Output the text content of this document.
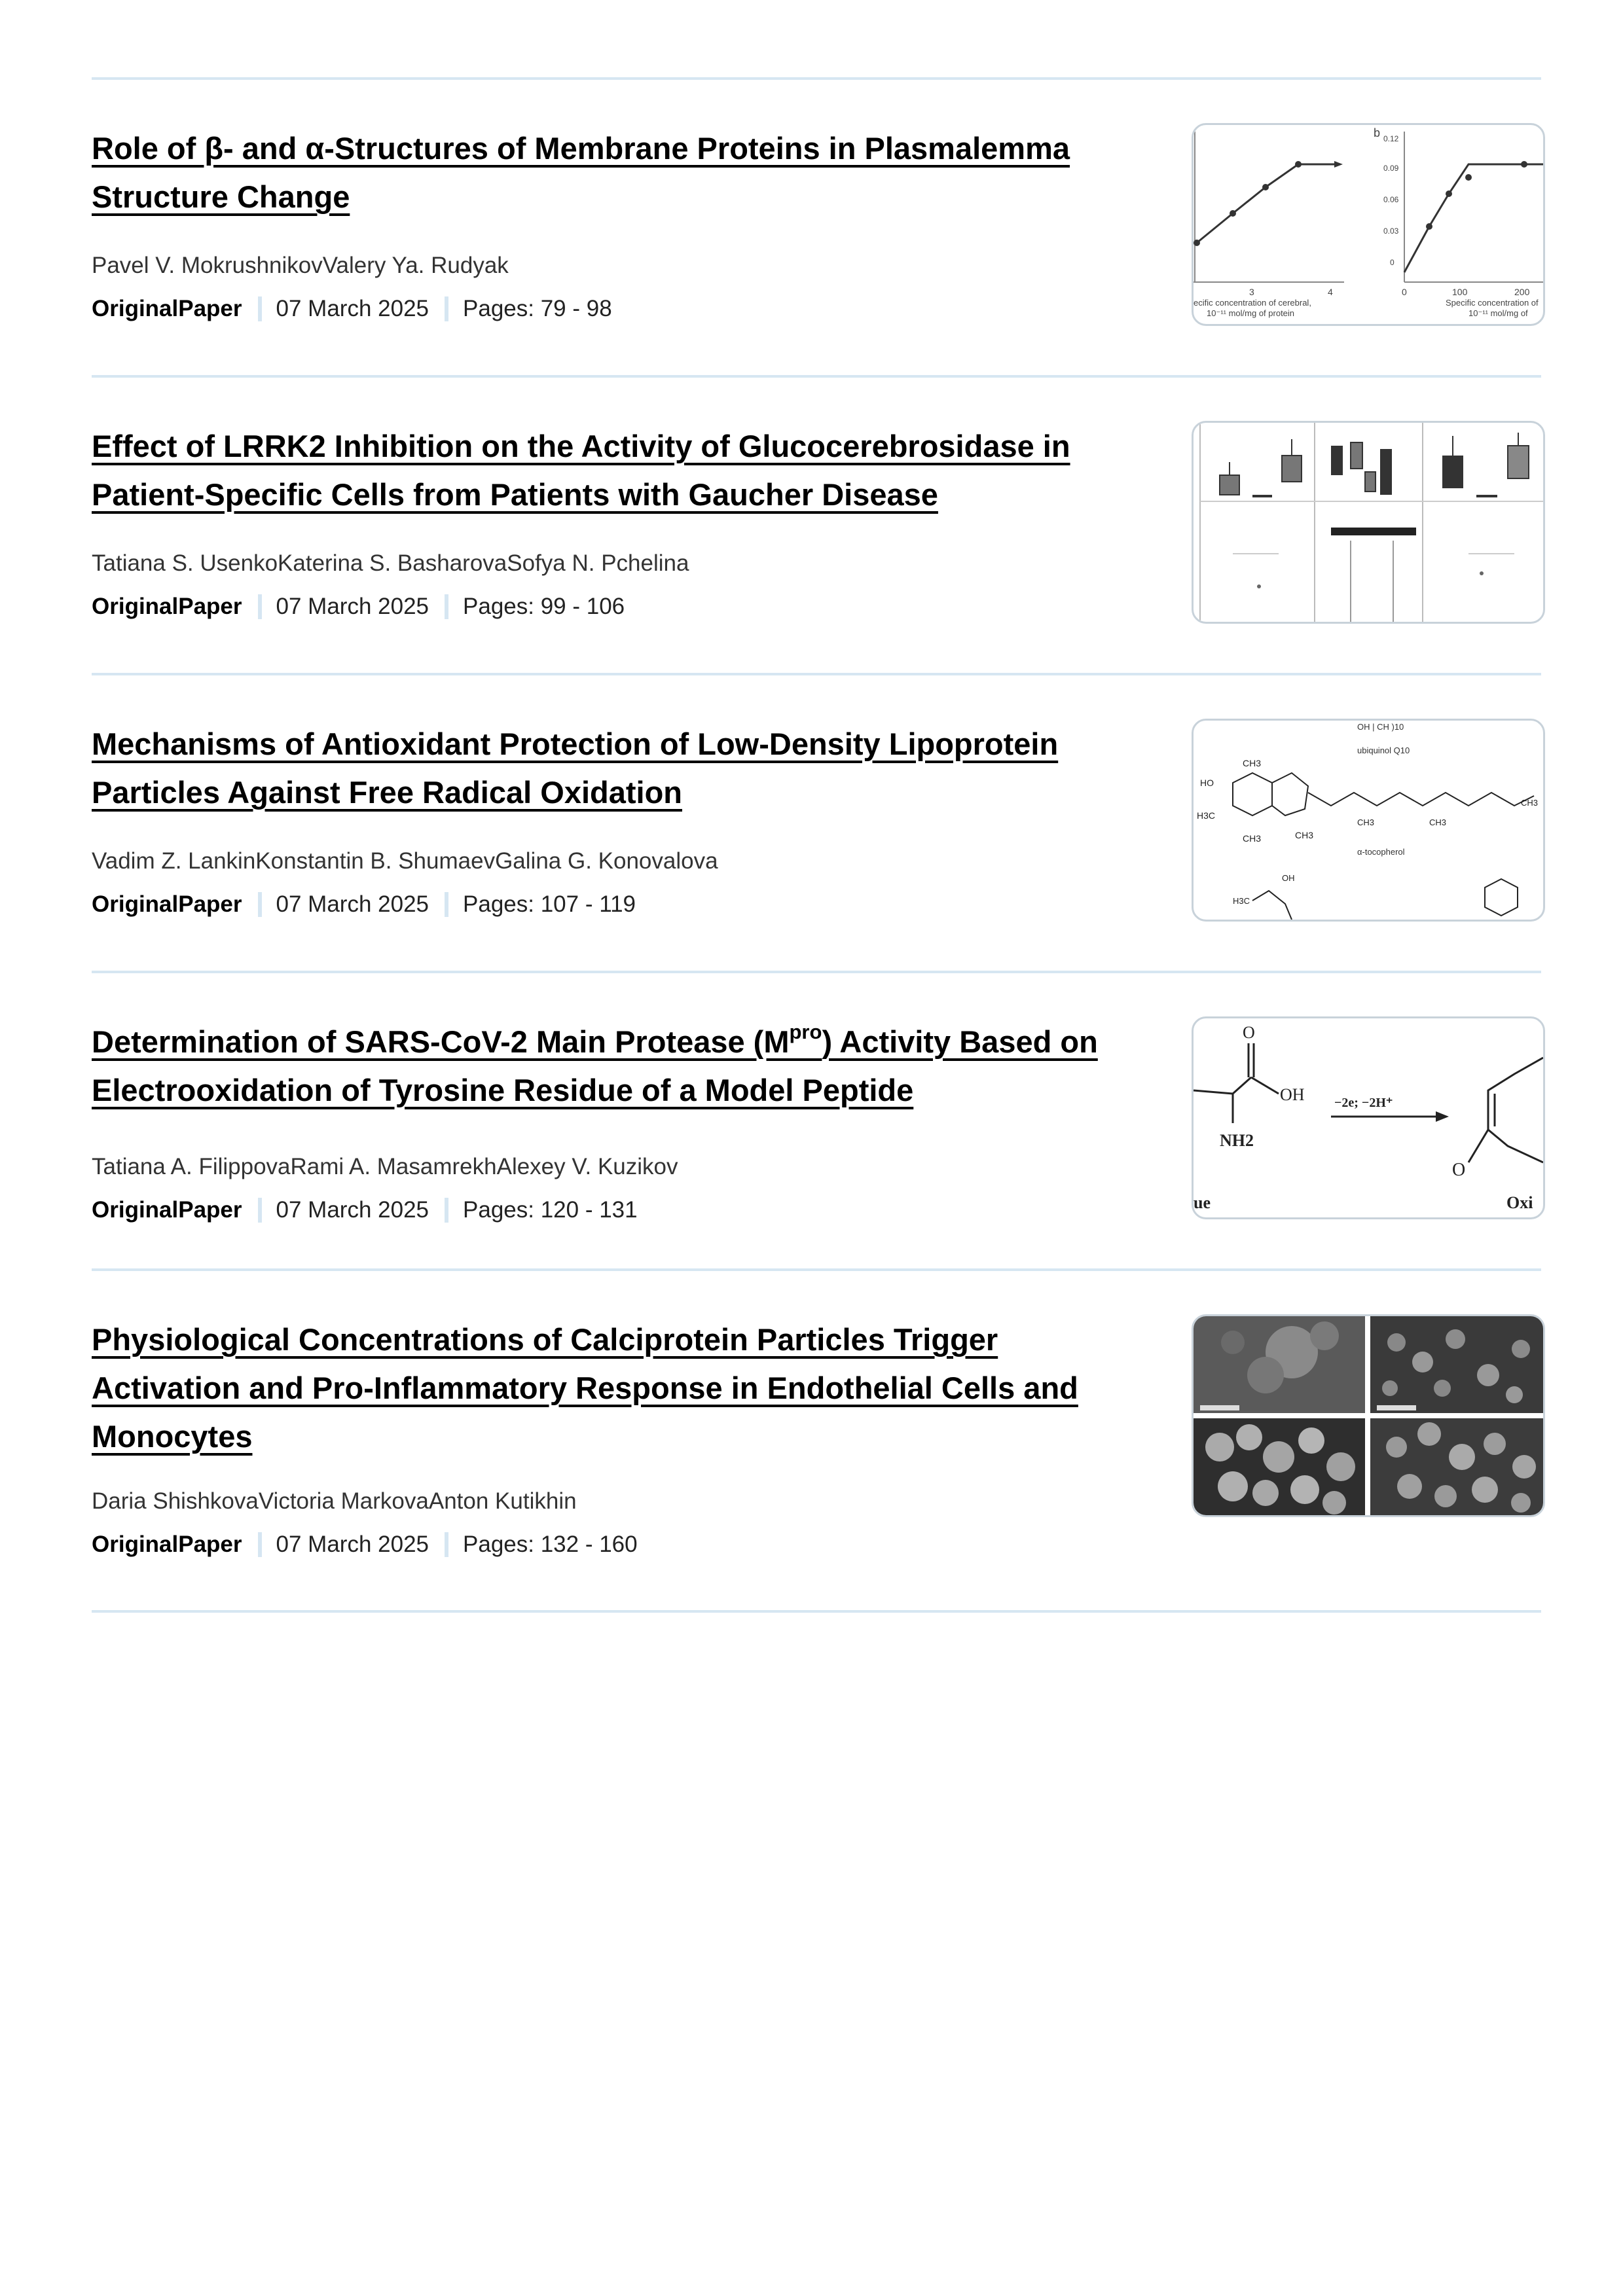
Role of β- and α-Structures of Membrane Proteins in Plasmalemma Structure Change
Pavel V. MokrushnikovValery Ya. Rudyak
OriginalPaper 07 March 2025 Pages: 79 - 98
3	4
ecific concentration of cerebral,
10⁻¹¹ mol/mg of protein
b 0.12
0.09
0.06
0.03
0
0	100	200
Specific concentration of
10⁻¹¹ mol/mg of
Effect of LRRK2 Inhibition on the Activity of Glucocerebrosidase in Patient-Specific Cells from Patients with Gaucher Disease
Tatiana S. UsenkoKaterina S. BasharovaSofya N. Pchelina
OriginalPaper 07 March 2025 Pages: 99 - 106
Mechanisms of Antioxidant Protection of Low-Density Lipoprotein Particles Against Free Radical Oxidation
Vadim Z. LankinKonstantin B. ShumaevGalina G. Konovalova
OriginalPaper 07 March 2025 Pages: 107 - 119
OH | CH )10
ubiquinol Q10
HO
CH3
H3C
CH3	CH3
CH3	CH3
CH3
α-tocopherol
OH
H3C
Determination of SARS-CoV-2 Main Protease $(M^{pro})$ Activity Based on Electrooxidation of Tyrosine Residue of a Model Peptide
Tatiana A. FilippovaRami A. MasamrekhAlexey V. Kuzikov
OriginalPaper 07 March 2025 Pages: 120 - 131
O
OH
NH2
−2e; −2H⁺
O
ue	Oxi
Physiological Concentrations of Calciprotein Particles Trigger Activation and Pro-Inflammatory Response in Endothelial Cells and Monocytes
Daria ShishkovaVictoria MarkovaAnton Kutikhin
OriginalPaper 07 March 2025 Pages: 132 - 160
